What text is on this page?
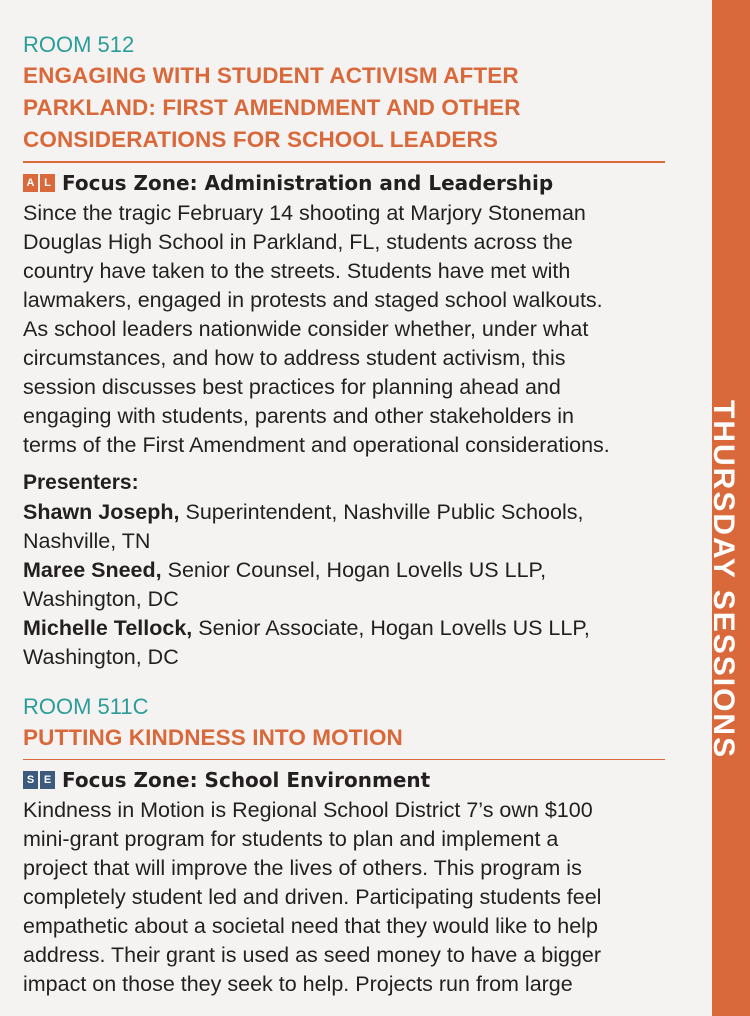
THURSDAY SESSIONS

ROOM 512

ENGAGING WITH STUDENT ACTIVISM AFTER
PARKLAND: FIRST AMENDMENT AND OTHER
CONSIDERATIONS FOR SCHOOL LEADERS
A L Focus Zone: Administration and Leadership

Since the tragic February 14 shooting at Marjory Stoneman
Douglas High School in Parkland, FL, students across the
country have taken to the streets. Students have met with
lawmakers, engaged in protests and staged school walkouts.
As school leaders nationwide consider whether, under what
circumstances, and how to address student activism, this
session discusses best practices for planning ahead and
engaging with students, parents and other stakeholders in
terms of the First Amendment and operational considerations.

Presenters:

Shawn Joseph, Superintendent, Nashville Public Schools,
Nashville, TN

Maree Sneed, Senior Counsel, Hogan Lovells US LLP,
Washington, DC

Michelle Tellock, Senior Associate, Hogan Lovells US LLP,
Washington, DC

ROOM 511C

PUTTING KINDNESS INTO MOTION
S E Focus Zone: School Environment

Kindness in Motion is Regional School District 7’s own $100
mini-grant program for students to plan and implement a
project that will improve the lives of others. This program is
completely student led and driven. Participating students feel
empathetic about a societal need that they would like to help
address. Their grant is used as seed money to have a bigger
impact on those they seek to help. Projects run from large
